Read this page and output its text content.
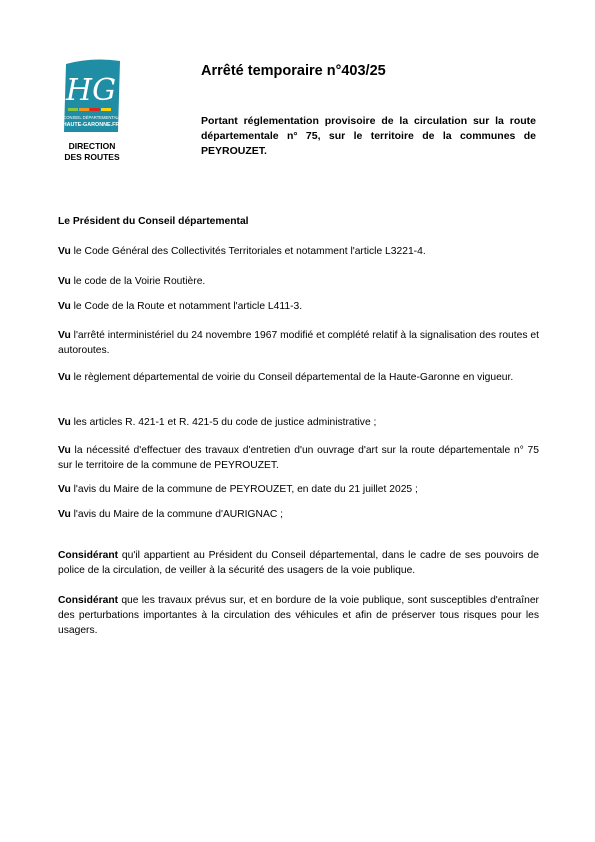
HG
CONSEIL DÉPARTEMENTAL
HAUTE-GARONNE.FR
DIRECTION
DES ROUTES
Arrêté temporaire n°403/25

Portant réglementation provisoire de la circulation sur la route départementale n° 75, sur le territoire de la communes de PEYROUZET.

Le Président du Conseil départemental

Vu le Code Général des Collectivités Territoriales et notamment l'article L3221-4.

Vu le code de la Voirie Routière.

Vu le Code de la Route et notamment l'article L411-3.

Vu l'arrêté interministériel du 24 novembre 1967 modifié et complété relatif à la signalisation des routes et autoroutes.

Vu le règlement départemental de voirie du Conseil départemental de la Haute-Garonne en vigueur.

Vu les articles R. 421-1 et R. 421-5 du code de justice administrative ;

Vu la nécessité d'effectuer des travaux d'entretien d'un ouvrage d'art sur la route départementale n° 75 sur le territoire de la commune de PEYROUZET.

Vu l'avis du Maire de la commune de PEYROUZET, en date du 21 juillet 2025 ;

Vu l'avis du Maire de la commune d'AURIGNAC ;

Considérant qu'il appartient au Président du Conseil départemental, dans le cadre de ses pouvoirs de police de la circulation, de veiller à la sécurité des usagers de la voie publique.

Considérant que les travaux prévus sur, et en bordure de la voie publique, sont susceptibles d'entraîner des perturbations importantes à la circulation des véhicules et afin de préserver tous risques pour les usagers.
